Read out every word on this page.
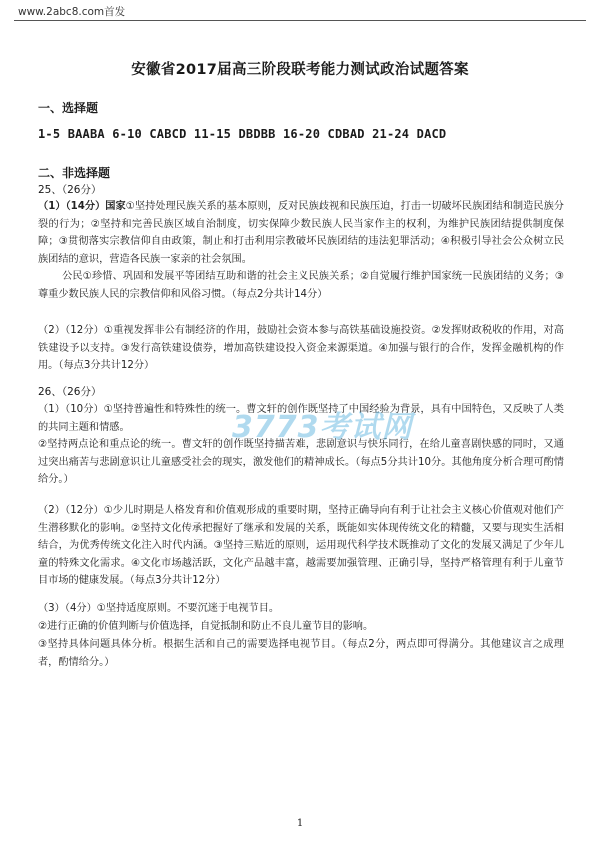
www.2abc8.com首发
安徽省2017届高三阶段联考能力测试政治试题答案
一、选择题
1-5 BAABA 6-10 CABCD 11-15 DBDBB 16-20 CDBAD 21-24 DACD
二、非选择题
25、（26分）
（1）（14分）国家①坚持处理民族关系的基本原则，反对民族歧视和民族压迫，打击一切破坏民族团结和制造民族分裂的行为；②坚持和完善民族区域自治制度，切实保障少数民族人民当家作主的权利，为维护民族团结提供制度保障；③贯彻落实宗教信仰自由政策，制止和打击利用宗教破坏民族团结的违法犯罪活动；④积极引导社会公众树立民族团结的意识，营造各民族一家亲的社会氛围。
公民①珍惜、巩固和发展平等团结互助和谐的社会主义民族关系；②自觉履行维护国家统一民族团结的义务；③尊重少数民族人民的宗教信仰和风俗习惯。（每点2分共计14分）
（2）（12分）①重视发挥非公有制经济的作用，鼓励社会资本参与高铁基础设施投资。②发挥财政税收的作用，对高铁建设予以支持。③发行高铁建设债券，增加高铁建设投入资金来源渠道。④加强与银行的合作，发挥金融机构的作用。（每点3分共计12分）
26、（26分）
（1）（10分）①坚持普遍性和特殊性的统一。曹文轩的创作既坚持了中国经验为背景，具有中国特色，又反映了人类的共同主题和情感。
②坚持两点论和重点论的统一。曹文轩的创作既坚持描苦难，悲剧意识与快乐同行，在给儿童喜剧快感的同时，又通过突出痛苦与悲剧意识让儿童感受社会的现实，激发他们的精神成长。（每点5分共计10分。其他角度分析合理可酌情给分。）
（2）（12分）①少儿时期是人格发育和价值观形成的重要时期，坚持正确导向有利于让社会主义核心价值观对他们产生潜移默化的影响。②坚持文化传承把握好了继承和发展的关系，既能如实体现传统文化的精髓，又要与现实生活相结合，为优秀传统文化注入时代内涵。③坚持三贴近的原则，运用现代科学技术既推动了文化的发展又满足了少年儿童的特殊文化需求。④文化市场越活跃，文化产品越丰富，越需要加强管理、正确引导，坚持严格管理有利于儿童节目市场的健康发展。（每点3分共计12分）
（3）（4分）①坚持适度原则。不要沉迷于电视节目。
②进行正确的价值判断与价值选择，自觉抵制和防止不良儿童节目的影响。
③坚持具体问题具体分析。根据生活和自己的需要选择电视节目。（每点2分，两点即可得满分。其他建议言之成理者，酌情给分。）
3773考试网
1
